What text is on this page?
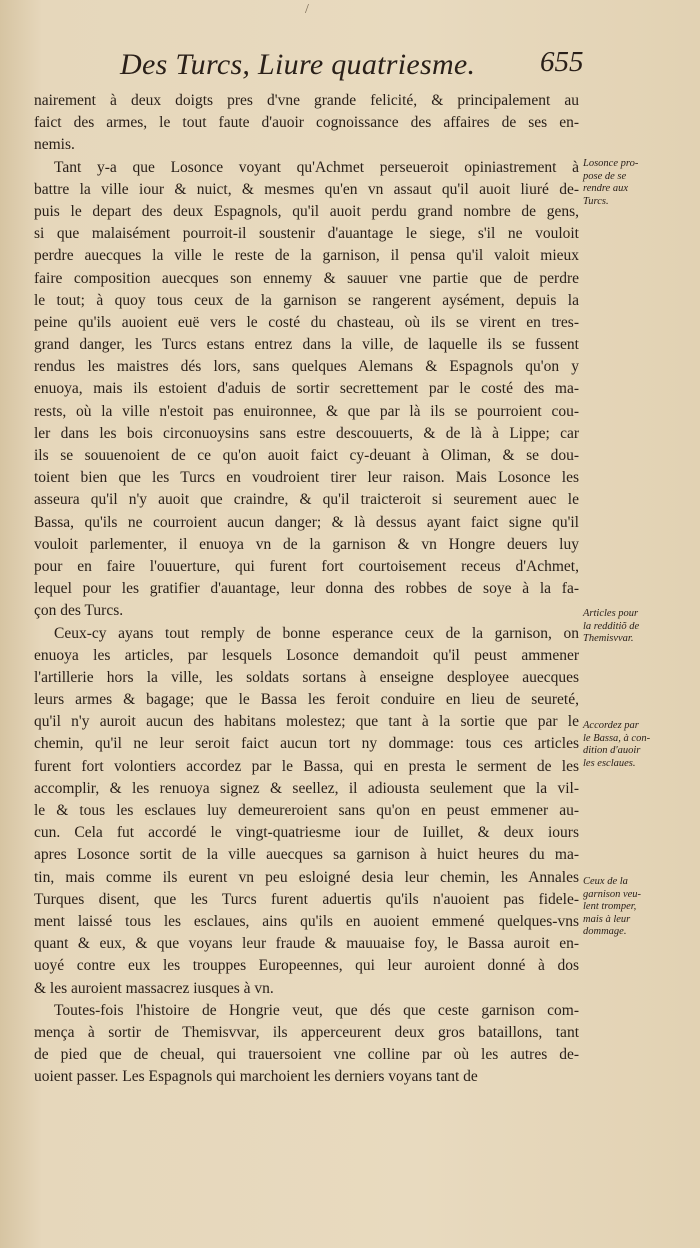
/
Des Turcs, Liure quatriesme. 655
nairement à deux doigts pres d'vne grande felicité, & principalement au
faict des armes, le tout faute d'auoir cognoissance des affaires de ses en-
nemis.
Tant y-a que Losonce voyant qu'Achmet perseueroit opiniastrement à
battre la ville iour & nuict, & mesmes qu'en vn assaut qu'il auoit liuré de-
puis le depart des deux Espagnols, qu'il auoit perdu grand nombre de gens,
si que malaisément pourroit-il soustenir d'auantage le siege, s'il ne vouloit
perdre auecques la ville le reste de la garnison, il pensa qu'il valoit mieux
faire composition auecques son ennemy & sauuer vne partie que de perdre
le tout; à quoy tous ceux de la garnison se rangerent aysément, depuis la
peine qu'ils auoient euë vers le costé du chasteau, où ils se virent en tres-
grand danger, les Turcs estans entrez dans la ville, de laquelle ils se fussent
rendus les maistres dés lors, sans quelques Alemans & Espagnols qu'on y
enuoya, mais ils estoient d'aduis de sortir secrettement par le costé des ma-
rests, où la ville n'estoit pas enuironnee, & que par là ils se pourroient cou-
ler dans les bois circonuoysins sans estre descouuerts, & de là à Lippe; car
ils se souuenoient de ce qu'on auoit faict cy-deuant à Oliman, & se dou-
toient bien que les Turcs en voudroient tirer leur raison. Mais Losonce les
asseura qu'il n'y auoit que craindre, & qu'il traicteroit si seurement auec le
Bassa, qu'ils ne courroient aucun danger; & là dessus ayant faict signe qu'il
vouloit parlementer, il enuoya vn de la garnison & vn Hongre deuers luy
pour en faire l'ouuerture, qui furent fort courtoisement receus d'Achmet,
lequel pour les gratifier d'auantage, leur donna des robbes de soye à la fa-
çon des Turcs.
Ceux-cy ayans tout remply de bonne esperance ceux de la garnison, on
enuoya les articles, par lesquels Losonce demandoit qu'il peust ammener
l'artillerie hors la ville, les soldats sortans à enseigne desployee auecques
leurs armes & bagage; que le Bassa les feroit conduire en lieu de seureté,
qu'il n'y auroit aucun des habitans molestez; que tant à la sortie que par le
chemin, qu'il ne leur seroit faict aucun tort ny dommage: tous ces articles
furent fort volontiers accordez par le Bassa, qui en presta le serment de les
accomplir, & les renuoya signez & seellez, il adiousta seulement que la vil-
le & tous les esclaues luy demeureroient sans qu'on en peust emmener au-
cun. Cela fut accordé le vingt-quatriesme iour de Iuillet, & deux iours
apres Losonce sortit de la ville auecques sa garnison à huict heures du ma-
tin, mais comme ils eurent vn peu esloigné desia leur chemin, les Annales
Turques disent, que les Turcs furent aduertis qu'ils n'auoient pas fidele-
ment laissé tous les esclaues, ains qu'ils en auoient emmené quelques-vns
quant & eux, & que voyans leur fraude & mauuaise foy, le Bassa auroit en-
uoyé contre eux les trouppes Europeennes, qui leur auroient donné à dos
& les auroient massacrez iusques à vn.
Toutes-fois l'histoire de Hongrie veut, que dés que ceste garnison com-
mença à sortir de Themisvvar, ils apperceurent deux gros bataillons, tant
de pied que de cheual, qui trauersoient vne colline par où les autres de-
uoient passer. Les Espagnols qui marchoient les derniers voyans tant de
Losonce pro-
pose de se
rendre aux
Turcs.
Articles pour
la redditiõ de
Themisvvar.
Accordez par
le Bassa, à con-
dition d'auoir
les esclaues.
Ceux de la
garnison veu-
lent tromper,
mais à leur
dommage.
